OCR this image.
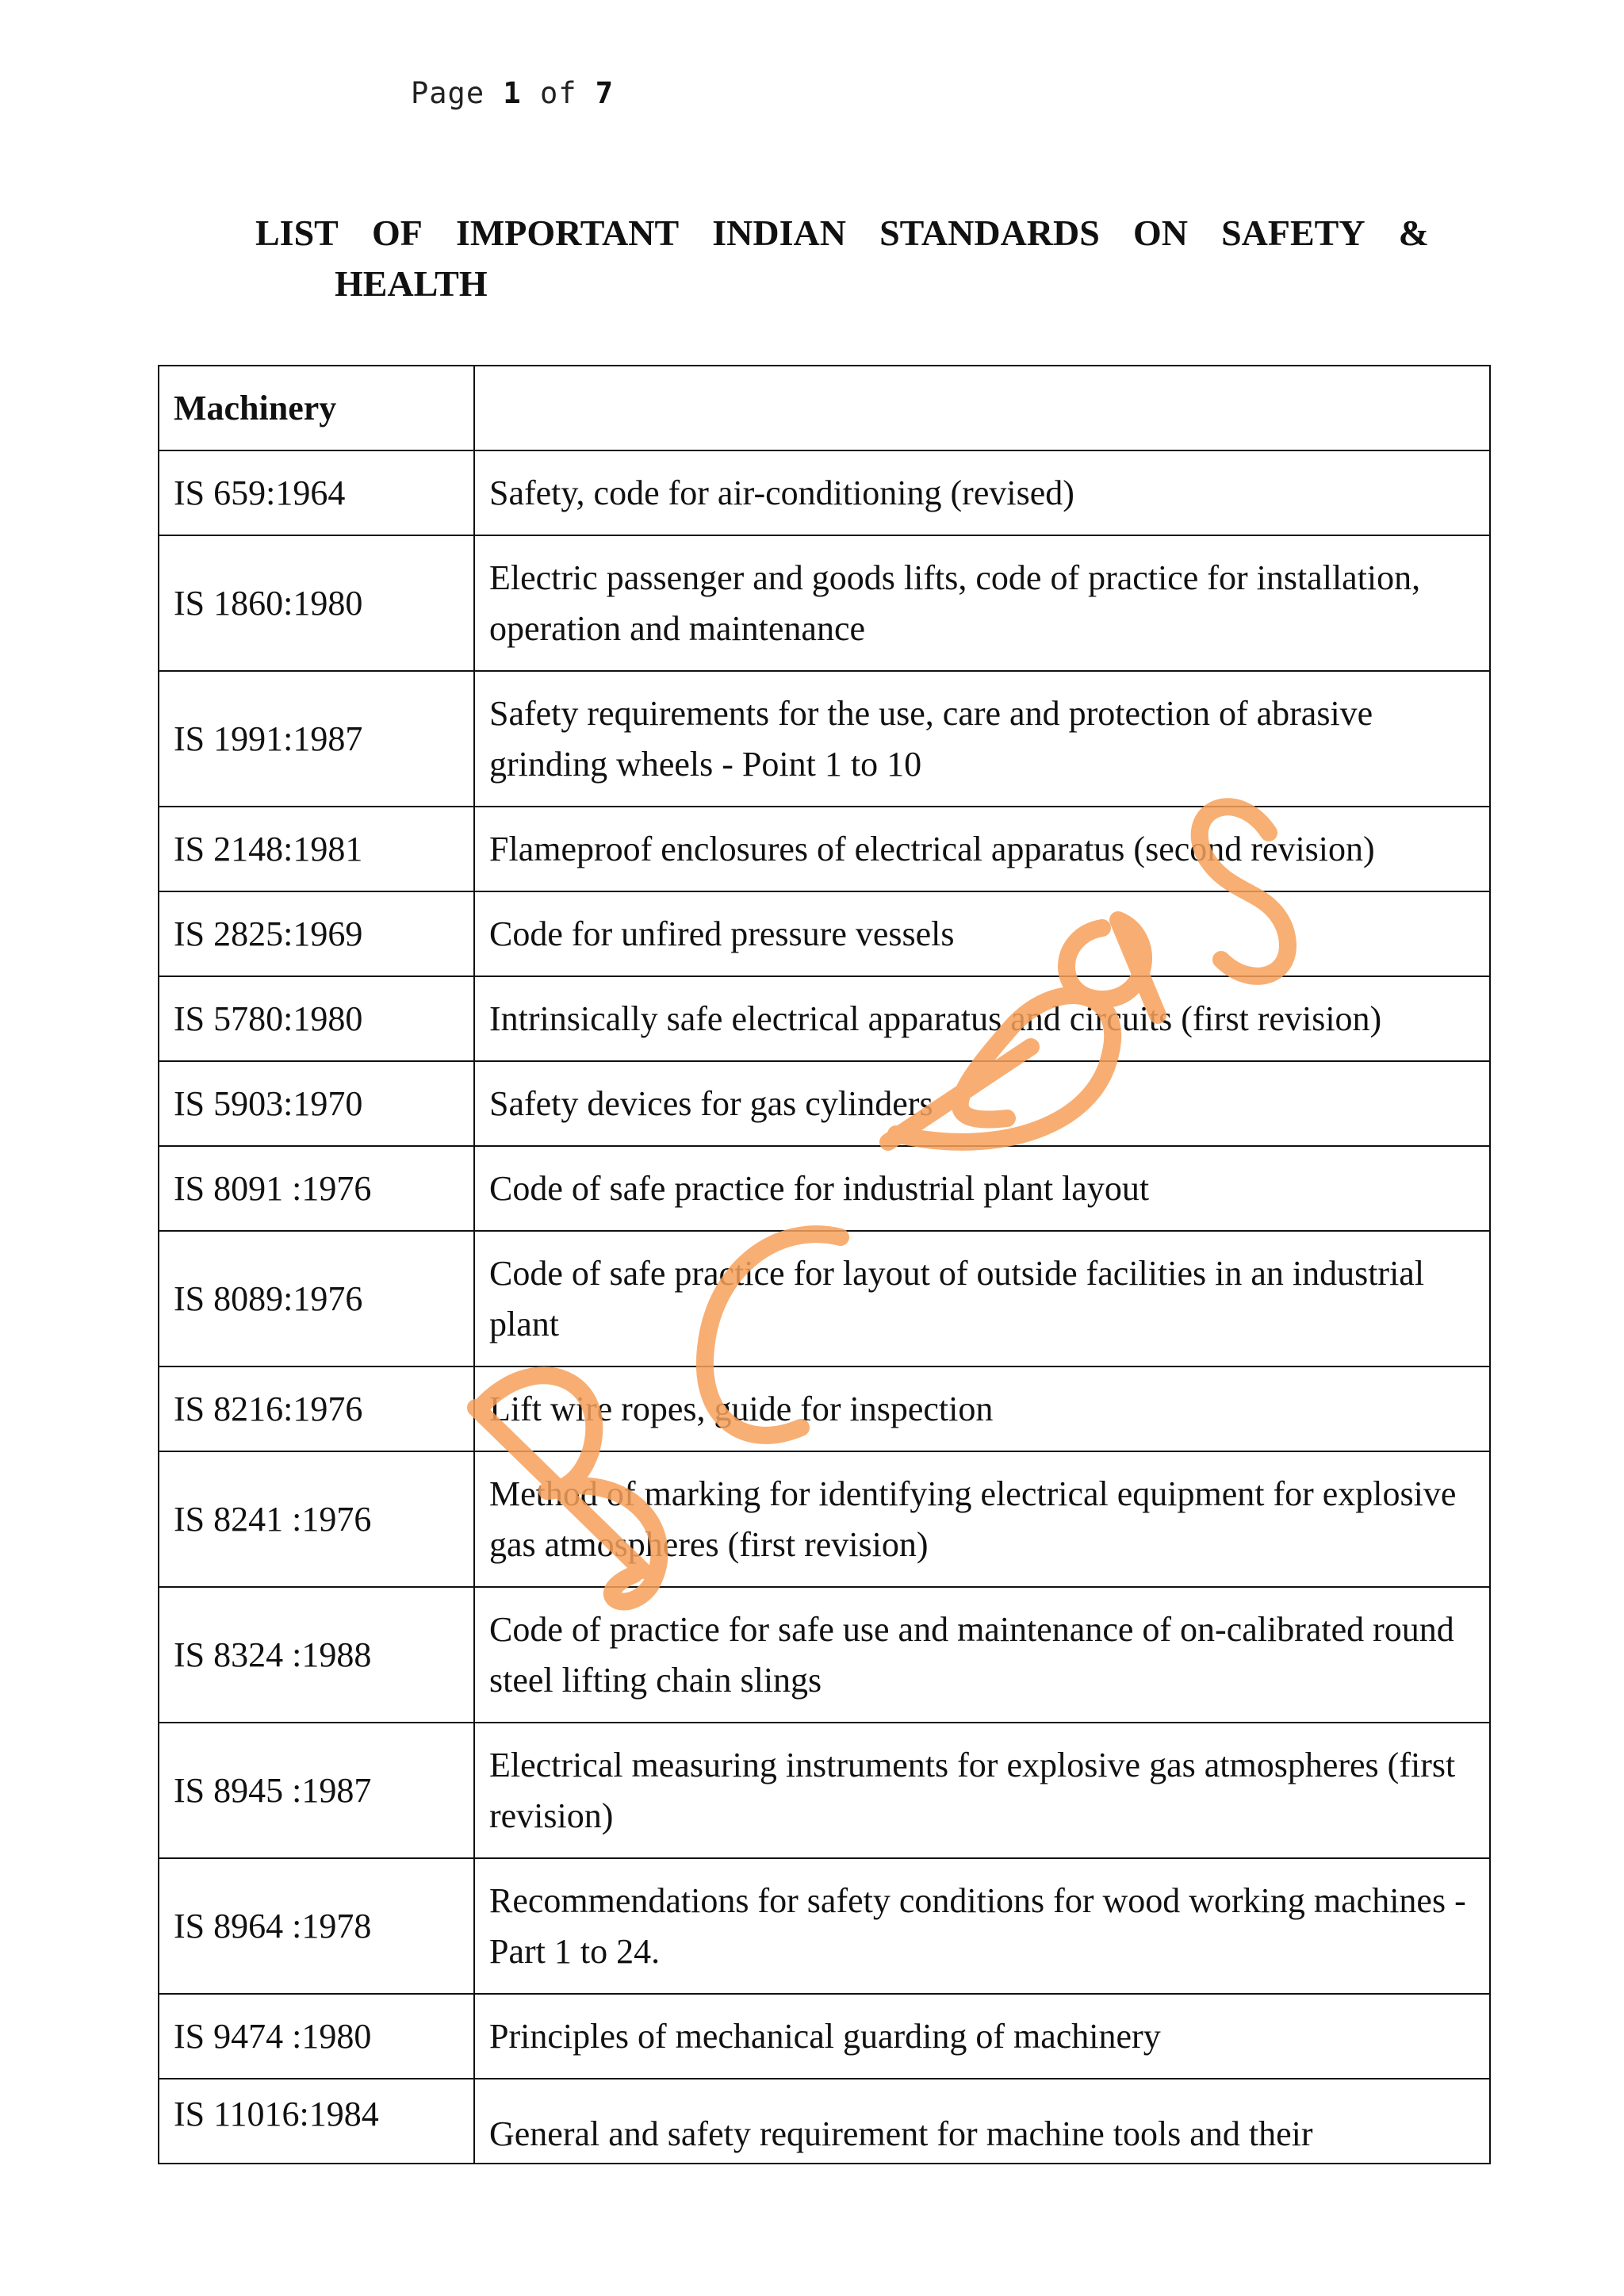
Page 1 of 7
LIST OF IMPORTANT INDIAN STANDARDS ON SAFETY &
HEALTH
Machinery	
IS 659:1964	Safety, code for air-conditioning (revised)
IS 1860:1980	Electric passenger and goods lifts, code of practice for installation, operation and maintenance
IS 1991:1987	Safety requirements for the use, care and protection of abrasive grinding wheels - Point 1 to 10
IS 2148:1981	Flameproof enclosures of electrical apparatus (second revision)
IS 2825:1969	Code for unfired pressure vessels
IS 5780:1980	Intrinsically safe electrical apparatus and circuits (first revision)
IS 5903:1970	Safety devices for gas cylinders
IS 8091 :1976	Code of safe practice for industrial plant layout
IS 8089:1976	Code of safe practice for layout of outside facilities in an industrial plant
IS 8216:1976	Lift wire ropes, guide for inspection
IS 8241 :1976	Method of marking for identifying electrical equipment for explosive gas atmospheres (first revision)
IS 8324 :1988	Code of practice for safe use and maintenance of on-calibrated round steel lifting chain slings
IS 8945 :1987	Electrical measuring instruments for explosive gas atmospheres (first revision)
IS 8964 :1978	Recommendations for safety conditions for wood working machines - Part 1 to 24.
IS 9474 :1980	Principles of mechanical guarding of machinery
IS 11016:1984	General and safety requirement for machine tools and their
